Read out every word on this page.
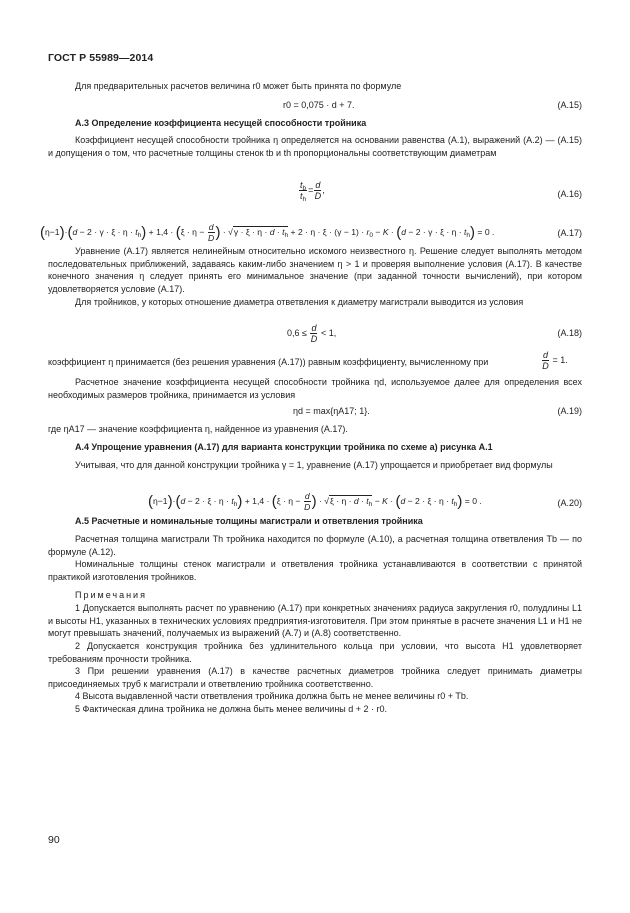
ГОСТ Р 55989—2014
Для предварительных расчетов величина r0 может быть принята по формуле
r0 = 0,075 · d + 7.	(А.15)
А.3 Определение коэффициента несущей способности тройника
Коэффициент несущей способности тройника η определяется на основании равенства (А.1), выражений (А.2) — (А.15) и допущения о том, что расчетные толщины стенок tb и th пропорциональны соответствующим диаметрам
$\frac{t_b}{t_h} = \frac{d}{D}$ ,	(А.16)
$(\eta-1)\cdot(d - 2 \cdot \gamma \cdot \xi \cdot \eta \cdot t_h) + 1,4 \cdot (\xi \cdot \eta - \frac{d}{D}$ ) · $√\gamma \cdot \xi \cdot \eta \cdot d \cdot t_h + 2 \cdot \eta \cdot \xi \cdot (\gamma - 1) \cdot r_0 - K \cdot (d - 2 \cdot \gamma \cdot \xi \cdot \eta \cdot t_h) = 0$ .	(А.17)
Уравнение (А.17) является нелинейным относительно искомого неизвестного η. Решение следует выполнять методом последовательных приближений, задаваясь каким-либо значением η > 1 и проверяя выполнение условия (А.17). В качестве конечного значения η следует принять его минимальное значение (при заданной точности вычислений), при котором удовлетворяется условие (А.17).
Для тройников, у которых отношение диаметра ответвления к диаметру магистрали выводится из условия
$0,6 \le \frac{d}{D} < 1$,	(А.18)
коэффициент η принимается (без решения уравнения (А.17)) равным коэффициенту, вычисленному при	$\frac{d}{D} = 1$.
Расчетное значение коэффициента несущей способности тройника ηd, используемое далее для определения всех необходимых размеров тройника, принимается из условия
ηd = max{ηA17; 1}.	(А.19)
где ηA17 — значение коэффициента η, найденное из уравнения (А.17).
А.4 Упрощение уравнения (А.17) для варианта конструкции тройника по схеме а) рисунка А.1
Учитывая, что для данной конструкции тройника γ = 1, уравнение (А.17) упрощается и приобретает вид формулы
$(\eta-1)\cdot(d - 2 \cdot \xi \cdot \eta \cdot t_h) + 1,4 \cdot (\xi \cdot \eta - \frac{d}{D}$ ) · $√\xi \cdot \eta \cdot d \cdot t_h - K \cdot (d - 2 \cdot \xi \cdot \eta \cdot t_h) = 0$ .	(А.20)
А.5 Расчетные и номинальные толщины магистрали и ответвления тройника
Расчетная толщина магистрали Th тройника находится по формуле (А.10), а расчетная толщина ответвления Tb — по формуле (А.12).
Номинальные толщины стенок магистрали и ответвления тройника устанавливаются в соответствии с принятой практикой изготовления тройников.
Примечания
1 Допускается выполнять расчет по уравнению (А.17) при конкретных значениях радиуса закругления r0, полудлины L1 и высоты H1, указанных в технических условиях предприятия-изготовителя. При этом принятые в расчете значения L1 и H1 не могут превышать значений, получаемых из выражений (А.7) и (А.8) соответственно.
2 Допускается конструкция тройника без удлинительного кольца при условии, что высота H1 удовлетворяет требованиям прочности тройника.
3 При решении уравнения (А.17) в качестве расчетных диаметров тройника следует принимать диаметры присоединяемых труб к магистрали и ответвлению тройника соответственно.
4 Высота выдавленной части ответвления тройника должна быть не менее величины r0 + Tb.
5 Фактическая длина тройника не должна быть менее величины d + 2 · r0.
90
